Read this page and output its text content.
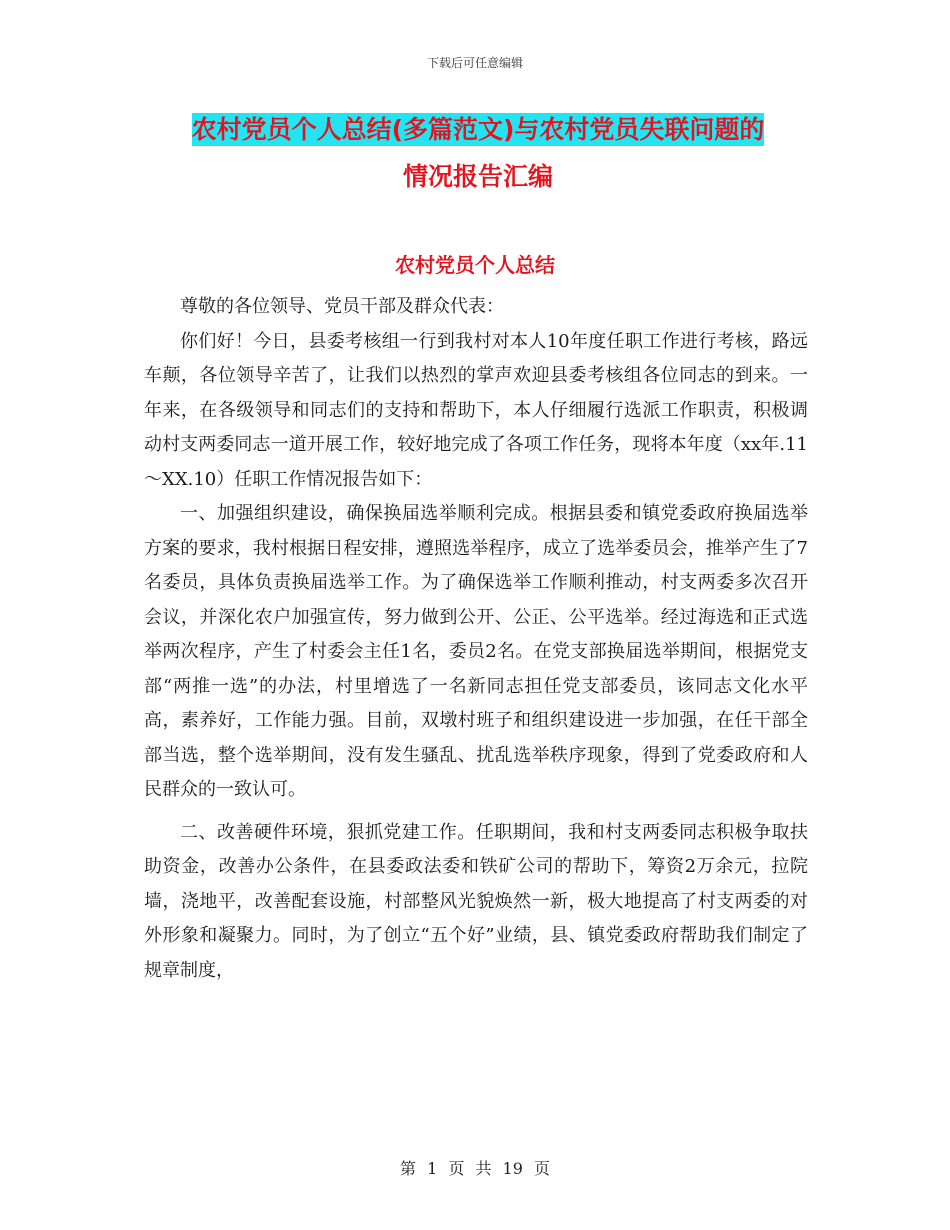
下载后可任意编辑
农村党员个人总结(多篇范文)与农村党员失联问题的
情况报告汇编
农村党员个人总结

尊敬的各位领导、党员干部及群众代表：

你们好！今日，县委考核组一行到我村对本人10年度任职工作进行考核，路远车颠，各位领导辛苦了，让我们以热烈的掌声欢迎县委考核组各位同志的到来。一年来，在各级领导和同志们的支持和帮助下，本人仔细履行选派工作职责，积极调动村支两委同志一道开展工作，较好地完成了各项工作任务，现将本年度（xx年.11～XX.10）任职工作情况报告如下：

一、加强组织建设，确保换届选举顺利完成。根据县委和镇党委政府换届选举方案的要求，我村根据日程安排，遵照选举程序，成立了选举委员会，推举产生了7名委员，具体负责换届选举工作。为了确保选举工作顺利推动，村支两委多次召开会议，并深化农户加强宣传，努力做到公开、公正、公平选举。经过海选和正式选举两次程序，产生了村委会主任1名，委员2名。在党支部换届选举期间，根据党支部“两推一选”的办法，村里增选了一名新同志担任党支部委员，该同志文化水平高，素养好，工作能力强。目前，双墩村班子和组织建设进一步加强，在任干部全部当选，整个选举期间，没有发生骚乱、扰乱选举秩序现象，得到了党委政府和人民群众的一致认可。

二、改善硬件环境，狠抓党建工作。任职期间，我和村支两委同志积极争取扶助资金，改善办公条件，在县委政法委和铁矿公司的帮助下，筹资2万余元，拉院墙，浇地平，改善配套设施，村部整风光貌焕然一新，极大地提高了村支两委的对外形象和凝聚力。同时，为了创立“五个好”业绩，县、镇党委政府帮助我们制定了规章制度，

第 1 页 共 19 页
